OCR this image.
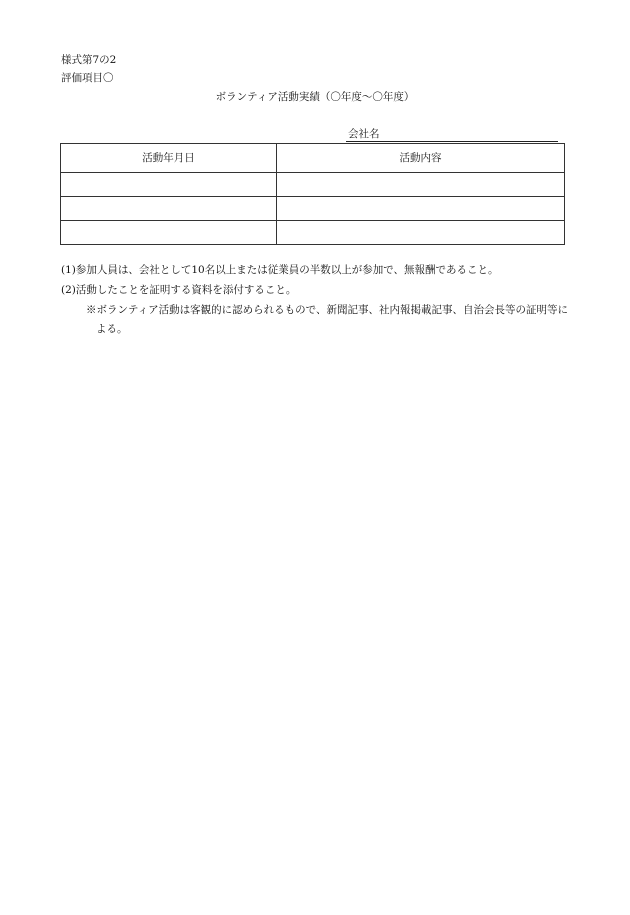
様式第7の2
評価項目〇
ボランティア活動実績（〇年度〜〇年度）
会社名
活動年月日	活動内容

(1)参加人員は、会社として10名以上または従業員の半数以上が参加で、無報酬であること。
(2)活動したことを証明する資料を添付すること。
※ボランティア活動は客観的に認められるもので、新聞記事、社内報掲載記事、自治会長等の証明等に
よる。
